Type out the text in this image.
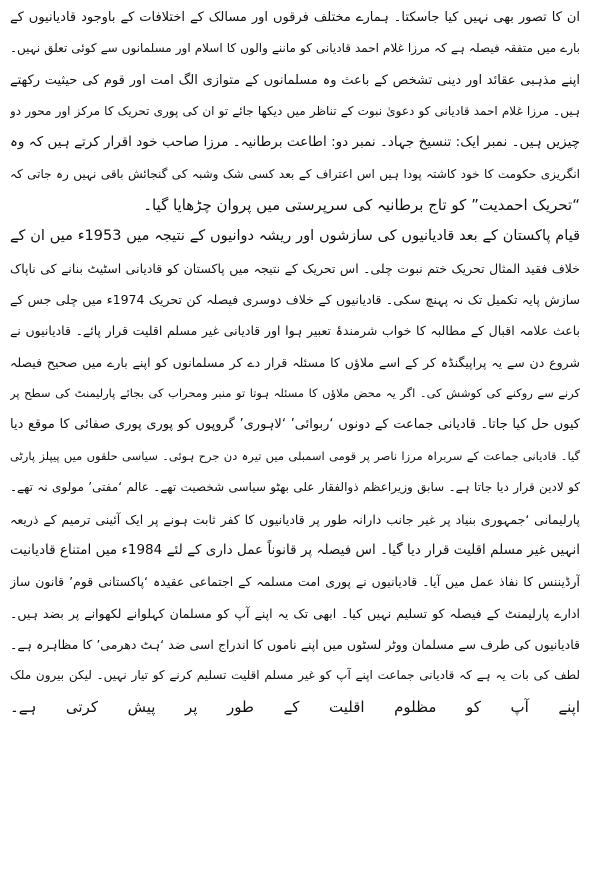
ان کا تصور بھی نہیں کیا جاسکتا۔ ہمارے مختلف فرقوں اور مسالک کے اختلافات کے باوجود قادیانیوں کے
بارے میں متفقہ فیصلہ ہے کہ مرزا غلام احمد قادیانی کو ماننے والوں کا اسلام اور مسلمانوں سے کوئی تعلق نہیں۔
اپنے مذہبی عقائد اور دینی تشخص کے باعث وہ مسلمانوں کے متوازی الگ امت اور قوم کی حیثیت رکھتے
ہیں۔ مرزا غلام احمد قادیانی کو دعویٰ نبوت کے تناظر میں دیکھا جائے تو ان کی پوری تحریک کا مرکز اور محور دو
چیزیں ہیں۔ نمبر ایک: تنسیخ جہاد۔ نمبر دو: اطاعت برطانیہ۔ مرزا صاحب خود اقرار کرتے ہیں کہ وہ
انگریزی حکومت کا خود کاشتہ پودا ہیں اس اعتراف کے بعد کسی شک وشبہ کی گنجائش باقی نہیں رہ جاتی کہ
“تحریک احمدیت” کو تاج برطانیہ کی سرپرستی میں پروان چڑھایا گیا۔
قیام پاکستان کے بعد قادیانیوں کی سازشوں اور ریشہ دوانیوں کے نتیجہ میں 1953ء میں ان کے
خلاف فقید المثال تحریک ختم نبوت چلی۔ اس تحریک کے نتیجہ میں پاکستان کو قادیانی اسٹیٹ بنانے کی ناپاک
سازش پایہ تکمیل تک نہ پہنچ سکی۔ قادیانیوں کے خلاف دوسری فیصلہ کن تحریک 1974ء میں چلی جس کے
باعث علامہ اقبال کے مطالبہ کا خواب شرمندۂ تعبیر ہوا اور قادیانی غیر مسلم اقلیت قرار پائے۔ قادیانیوں نے
شروع دن سے یہ پراپیگنڈہ کر کے اسے ملاؤں کا مسئلہ قرار دے کر مسلمانوں کو اپنے بارے میں صحیح فیصلہ
کرنے سے روکنے کی کوشش کی۔ اگر یہ محض ملاؤں کا مسئلہ ہوتا تو منبر ومحراب کی بجائے پارلیمنٹ کی سطح پر
کیوں حل کیا جاتا۔ قادیانی جماعت کے دونوں ‘ربوائی’ ‘لاہوری’ گروپوں کو پوری پوری صفائی کا موقع دیا
گیا۔ قادیانی جماعت کے سربراہ مرزا ناصر پر قومی اسمبلی میں تیرہ دن جرح ہوئی۔ سیاسی حلقوں میں پیپلز پارٹی
کو لادین قرار دیا جاتا ہے۔ سابق وزیراعظم ذوالفقار علی بھٹو سیاسی شخصیت تھے۔ عالم ‘مفتی’ مولوی نہ تھے۔
پارلیمانی ‘جمہوری بنیاد پر غیر جانب دارانہ طور پر قادیانیوں کا کفر ثابت ہونے پر ایک آئینی ترمیم کے ذریعہ
انہیں غیر مسلم اقلیت قرار دیا گیا۔ اس فیصلہ پر قانوناً عمل داری کے لئے 1984ء میں امتناع قادیانیت
آرڈیننس کا نفاذ عمل میں آیا۔ قادیانیوں نے پوری امت مسلمہ کے اجتماعی عقیدہ ‘پاکستانی قوم’ قانون ساز
ادارے پارلیمنٹ کے فیصلہ کو تسلیم نہیں کیا۔ ابھی تک یہ اپنے آپ کو مسلمان کہلوانے لکھوانے پر بضد ہیں۔
قادیانیوں کی طرف سے مسلمان ووٹر لسٹوں میں اپنے ناموں کا اندراج اسی ضد ‘ہٹ دھرمی’ کا مظاہرہ ہے۔
لطف کی بات یہ ہے کہ قادیانی جماعت اپنے آپ کو غیر مسلم اقلیت تسلیم کرنے کو تیار نہیں۔ لیکن بیرون ملک
اپنے آپ کو مظلوم اقلیت کے طور پر پیش کرتی ہے۔
